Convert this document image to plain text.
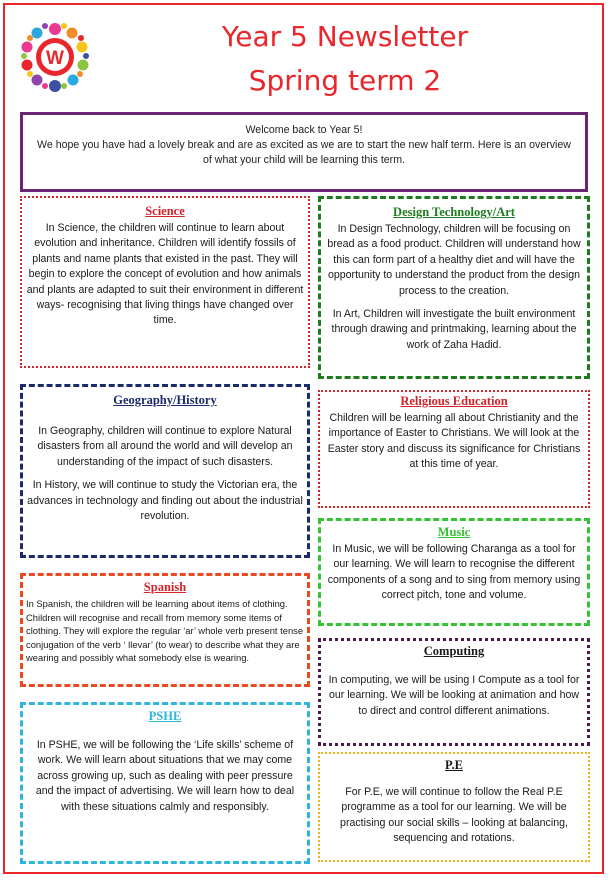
W
Year 5 Newsletter
Spring term 2
Welcome back to Year 5!
We hope you have had a lovely break and are as excited as we are to start the new half term. Here is an overview of what your child will be learning this term.
Science

In Science, the children will continue to learn about evolution and inheritance. Children will identify fossils of plants and name plants that existed in the past. They will begin to explore the concept of evolution and how animals and plants are adapted to suit their environment in different ways- recognising that living things have changed over time.

Design Technology/Art

In Design Technology, children will be focusing on bread as a food product. Children will understand how this can form part of a healthy diet and will have the opportunity to understand the product from the design process to the creation.

In Art, Children will investigate the built environment through drawing and printmaking, learning about the work of Zaha Hadid.

Geography/History

In Geography, children will continue to explore Natural disasters from all around the world and will develop an understanding of the impact of such disasters.

In History, we will continue to study the Victorian era, the advances in technology and finding out about the industrial revolution.

Religious Education

Children will be learning all about Christianity and the importance of Easter to Christians. We will look at the Easter story and discuss its significance for Christians at this time of year.

Spanish

In Spanish, the children will be learning about items of clothing. Children will recognise and recall from memory some items of clothing. They will explore the regular ‘ar’ whole verb present tense conjugation of the verb ‘ llevar’ (to wear) to describe what they are wearing and possibly what somebody else is wearing.

Music

In Music, we will be following Charanga as a tool for our learning. We will learn to recognise the different components of a song and to sing from memory using correct pitch, tone and volume.

Computing

In computing, we will be using I Compute as a tool for our learning. We will be looking at animation and how to direct and control different animations.

PSHE

In PSHE, we will be following the ‘Life skills’ scheme of work. We will learn about situations that we may come across growing up, such as dealing with peer pressure and the impact of advertising. We will learn how to deal with these situations calmly and responsibly.

P.E

For P.E, we will continue to follow the Real P.E programme as a tool for our learning. We will be practising our social skills – looking at balancing, sequencing and rotations.
